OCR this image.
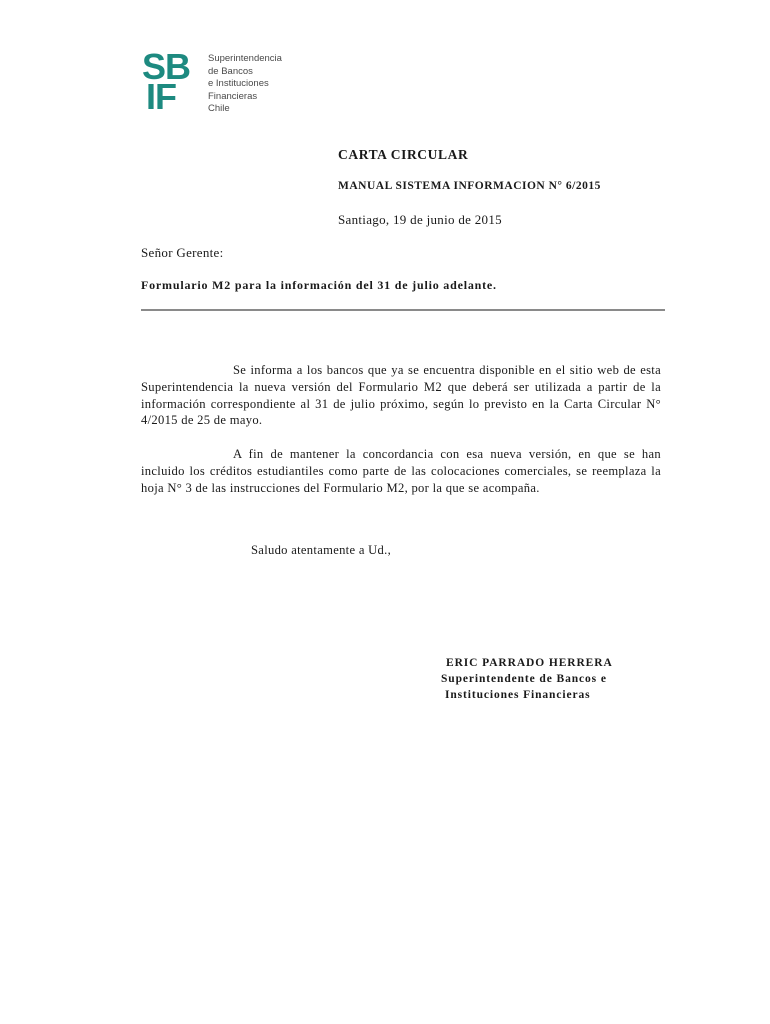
SB
IF
Superintendencia
de Bancos
e Instituciones
Financieras
Chile
CARTA CIRCULAR
MANUAL SISTEMA INFORMACION N° 6/2015
Santiago, 19 de junio de 2015
Señor Gerente:
Formulario M2 para la información del 31 de julio adelante.
Se informa a los bancos que ya se encuentra disponible en el sitio web de esta Superintendencia la nueva versión del Formulario M2 que deberá ser utilizada a partir de la información correspondiente al 31 de julio próximo, según lo previsto en la Carta Circular N° 4/2015 de 25 de mayo.
A fin de mantener la concordancia con esa nueva versión, en que se han incluido los créditos estudiantiles como parte de las colocaciones comerciales, se reemplaza la hoja N° 3 de las instrucciones del Formulario M2, por la que se acompaña.
Saludo atentamente a Ud.,
ERIC PARRADO HERRERA
Superintendente de Bancos e
Instituciones Financieras
